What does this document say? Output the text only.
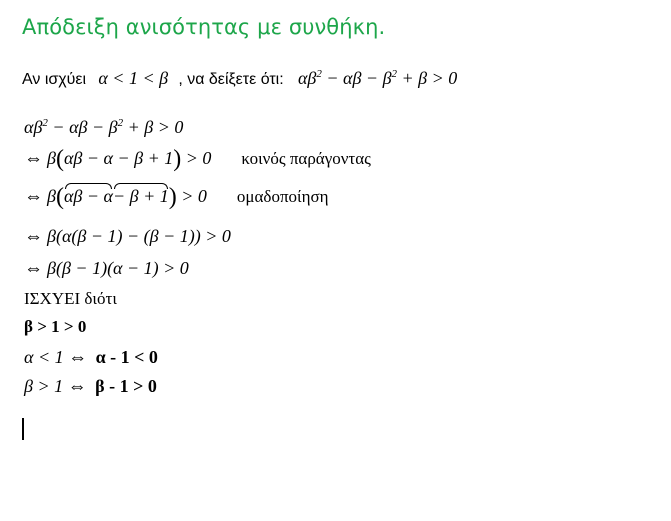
Απόδειξη ανισότητας με συνθήκη.
Αν ισχύει α < 1 < β , να δείξετε ότι: $\alpha\beta^2 - \alpha\beta - \beta^2 + \beta > 0$
$\alpha\beta^2 - \alpha\beta - \beta^2 + \beta > 0$
⇔ β(αβ − α − β + 1) > 0 κοινός παράγοντας
⇔ β(αβ − α− β + 1) > 0 ομαδοποίηση
⇔ β(α(β − 1) − (β − 1)) > 0
⇔ β(β − 1)(α − 1) > 0
ΙΣΧΥΕΙ διότι
β > 1 > 0
α < 1 ⇔ α - 1 < 0
β > 1 ⇔ β - 1 > 0
